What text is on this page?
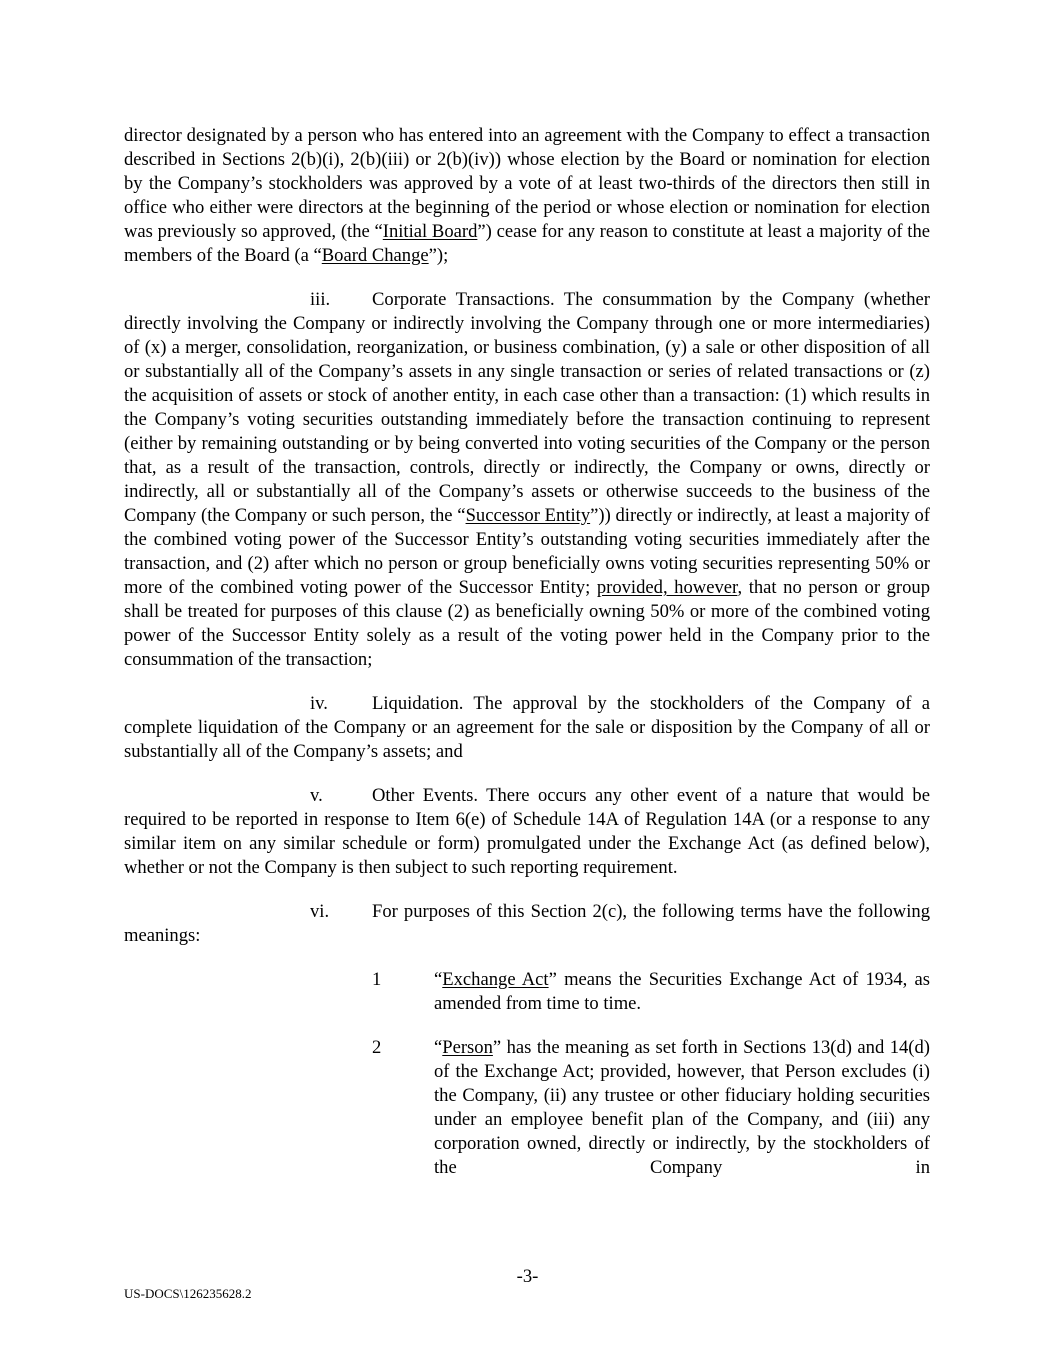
director designated by a person who has entered into an agreement with the Company to effect a transaction described in Sections 2(b)(i), 2(b)(iii) or 2(b)(iv)) whose election by the Board or nomination for election by the Company’s stockholders was approved by a vote of at least two-thirds of the directors then still in office who either were directors at the beginning of the period or whose election or nomination for election was previously so approved, (the “Initial Board”) cease for any reason to constitute at least a majority of the members of the Board (a “Board Change”);

iii. Corporate Transactions. The consummation by the Company (whether directly involving the Company or indirectly involving the Company through one or more intermediaries) of (x) a merger, consolidation, reorganization, or business combination, (y) a sale or other disposition of all or substantially all of the Company’s assets in any single transaction or series of related transactions or (z) the acquisition of assets or stock of another entity, in each case other than a transaction: (1) which results in the Company’s voting securities outstanding immediately before the transaction continuing to represent (either by remaining outstanding or by being converted into voting securities of the Company or the person that, as a result of the transaction, controls, directly or indirectly, the Company or owns, directly or indirectly, all or substantially all of the Company’s assets or otherwise succeeds to the business of the Company (the Company or such person, the “Successor Entity”)) directly or indirectly, at least a majority of the combined voting power of the Successor Entity’s outstanding voting securities immediately after the transaction, and (2) after which no person or group beneficially owns voting securities representing 50% or more of the combined voting power of the Successor Entity; provided, however, that no person or group shall be treated for purposes of this clause (2) as beneficially owning 50% or more of the combined voting power of the Successor Entity solely as a result of the voting power held in the Company prior to the consummation of the transaction;

iv. Liquidation. The approval by the stockholders of the Company of a complete liquidation of the Company or an agreement for the sale or disposition by the Company of all or substantially all of the Company’s assets; and

v.	Other Events. There occurs any other event of a nature that would be required to be reported in response to Item 6(e) of Schedule 14A of Regulation 14A (or a response to any similar item on any similar schedule or form) promulgated under the Exchange Act (as defined below), whether or not the Company is then subject to such reporting requirement.

vi. For purposes of this Section 2(c), the following terms have the following meanings:

1	“Exchange Act” means the Securities Exchange Act of 1934, as amended from time to time.
2	“Person” has the meaning as set forth in Sections 13(d) and 14(d) of the Exchange Act; provided, however, that Person excludes (i) the Company, (ii) any trustee or other fiduciary holding securities under an employee benefit plan of the Company, and (iii) any corporation owned, directly or indirectly, by the stockholders of the Company in
-3-
US-DOCS\126235628.2
